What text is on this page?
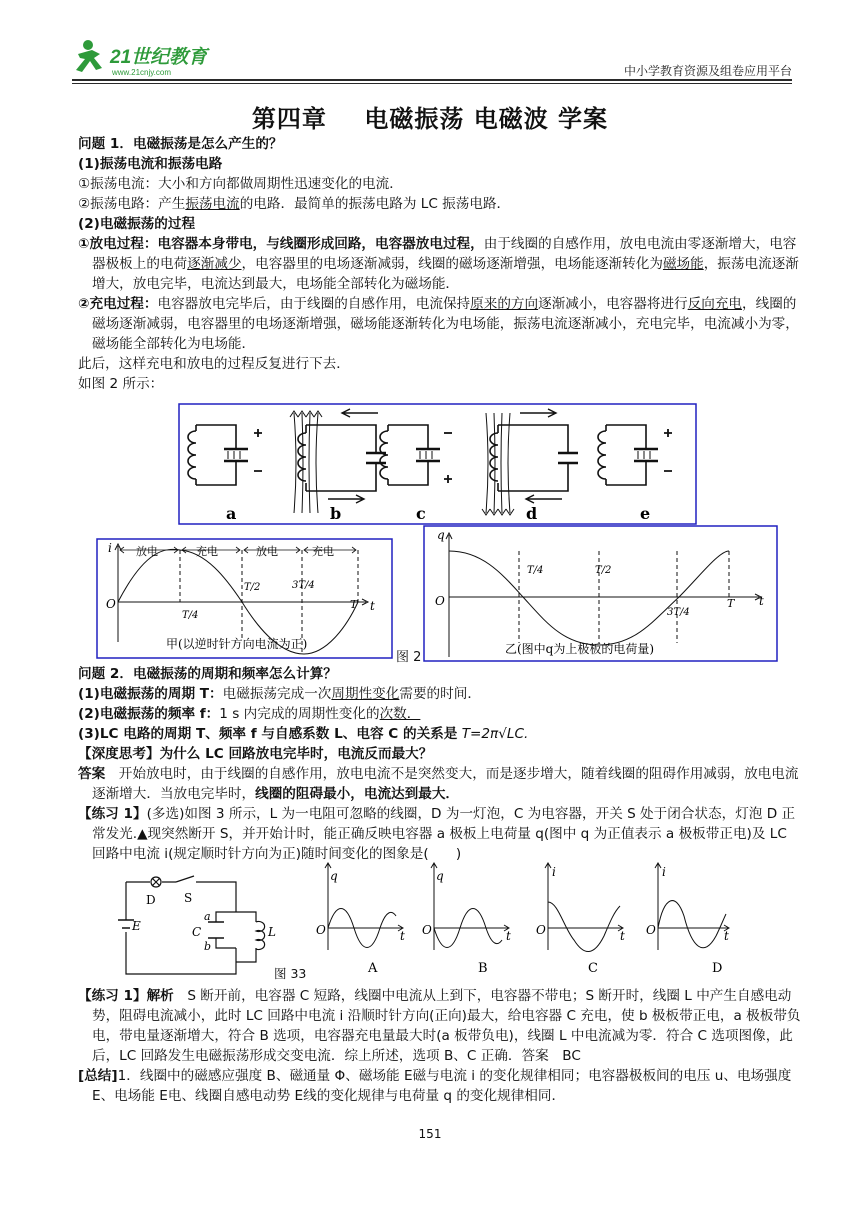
21世纪教育
www.21cnjy.com	中小学教育资源及组卷应用平台
第四章    电磁振荡 电磁波 学案
问题 1．电磁振荡是怎么产生的？
(1)振荡电流和振荡电路
①振荡电流：大小和方向都做周期性迅速变化的电流．
②振荡电路：产生振荡电流的电路．最简单的振荡电路为 LC 振荡电路．
(2)电磁振荡的过程
①放电过程：电容器本身带电，与线圈形成回路，电容器放电过程，由于线圈的自感作用，放电电流由零逐渐增大，电容器极板上的电荷逐渐减少，电容器里的电场逐渐减弱，线圈的磁场逐渐增强，电场能逐渐转化为磁场能，振荡电流逐渐增大，放电完毕，电流达到最大，电场能全部转化为磁场能．
②充电过程：电容器放电完毕后，由于线圈的自感作用，电流保持原来的方向逐渐减小，电容器将进行反向充电，线圈的磁场逐渐减弱，电容器里的电场逐渐增强，磁场能逐渐转化为电场能，振荡电流逐渐减小，充电完毕，电流减小为零，磁场能全部转化为电场能．
此后，这样充电和放电的过程反复进行下去．
如图 2 所示：
a	b	c	d	e
i
t
O
放电	充电	放电	充电
T/4
T/2	3T/4
T
甲(以逆时针方向电流为正)
图 2
q
t
O
T/4	T/2
3T/4
T
乙(图中q为上极板的电荷量)
问题 2．电磁振荡的周期和频率怎么计算？
(1)电磁振荡的周期 T：电磁振荡完成一次周期性变化需要的时间．
(2)电磁振荡的频率 f：1 s 内完成的周期性变化的次数．
(3)LC 电路的周期 T、频率 f 与自感系数 L、电容 C 的关系是 T=2π√LC.
【深度思考】为什么 LC 回路放电完毕时，电流反而最大？
答案　 开始放电时，由于线圈的自感作用，放电电流不是突然变大，而是逐步增大，随着线圈的阻碍作用减弱，放电电流逐渐增大．当放电完毕时，线圈的阻碍最小，电流达到最大．
【练习 1】(多选)如图 3 所示，L 为一电阻可忽略的线圈，D 为一灯泡，C 为电容器，开关 S 处于闭合状态，灯泡 D 正常发光.▲现突然断开 S，并开始计时，能正确反映电容器 a 极板上电荷量 q(图中 q 为正值表示 a 极板带正电)及 LC 回路中电流 i(规定顺时针方向为正)随时间变化的图象是(　　)
D S
E	C
a
b
L
图 33
q
t
O
A
q
t
O
B
i
t
O
C
i
t
O
D
【练习 1】解析　 S 断开前，电容器 C 短路，线圈中电流从上到下，电容器不带电；S 断开时，线圈 L 中产生自感电动势，阻碍电流减小，此时 LC 回路中电流 i 沿顺时针方向(正向)最大，给电容器 C 充电，使 b 极板带正电，a 极板带负电，带电量逐渐增大，符合 B 选项，电容器充电量最大时(a 板带负电)，线圈 L 中电流减为零．符合 C 选项图像，此后，LC 回路发生电磁振荡形成交变电流．综上所述，选项 B、C 正确．答案　BC
[总结]1．线圈中的磁感应强度 B、磁通量 Φ、磁场能 E磁与电流 i 的变化规律相同；电容器极板间的电压 u、电场强度 E、电场能 E电、线圈自感电动势 E线的变化规律与电荷量 q 的变化规律相同．
151
